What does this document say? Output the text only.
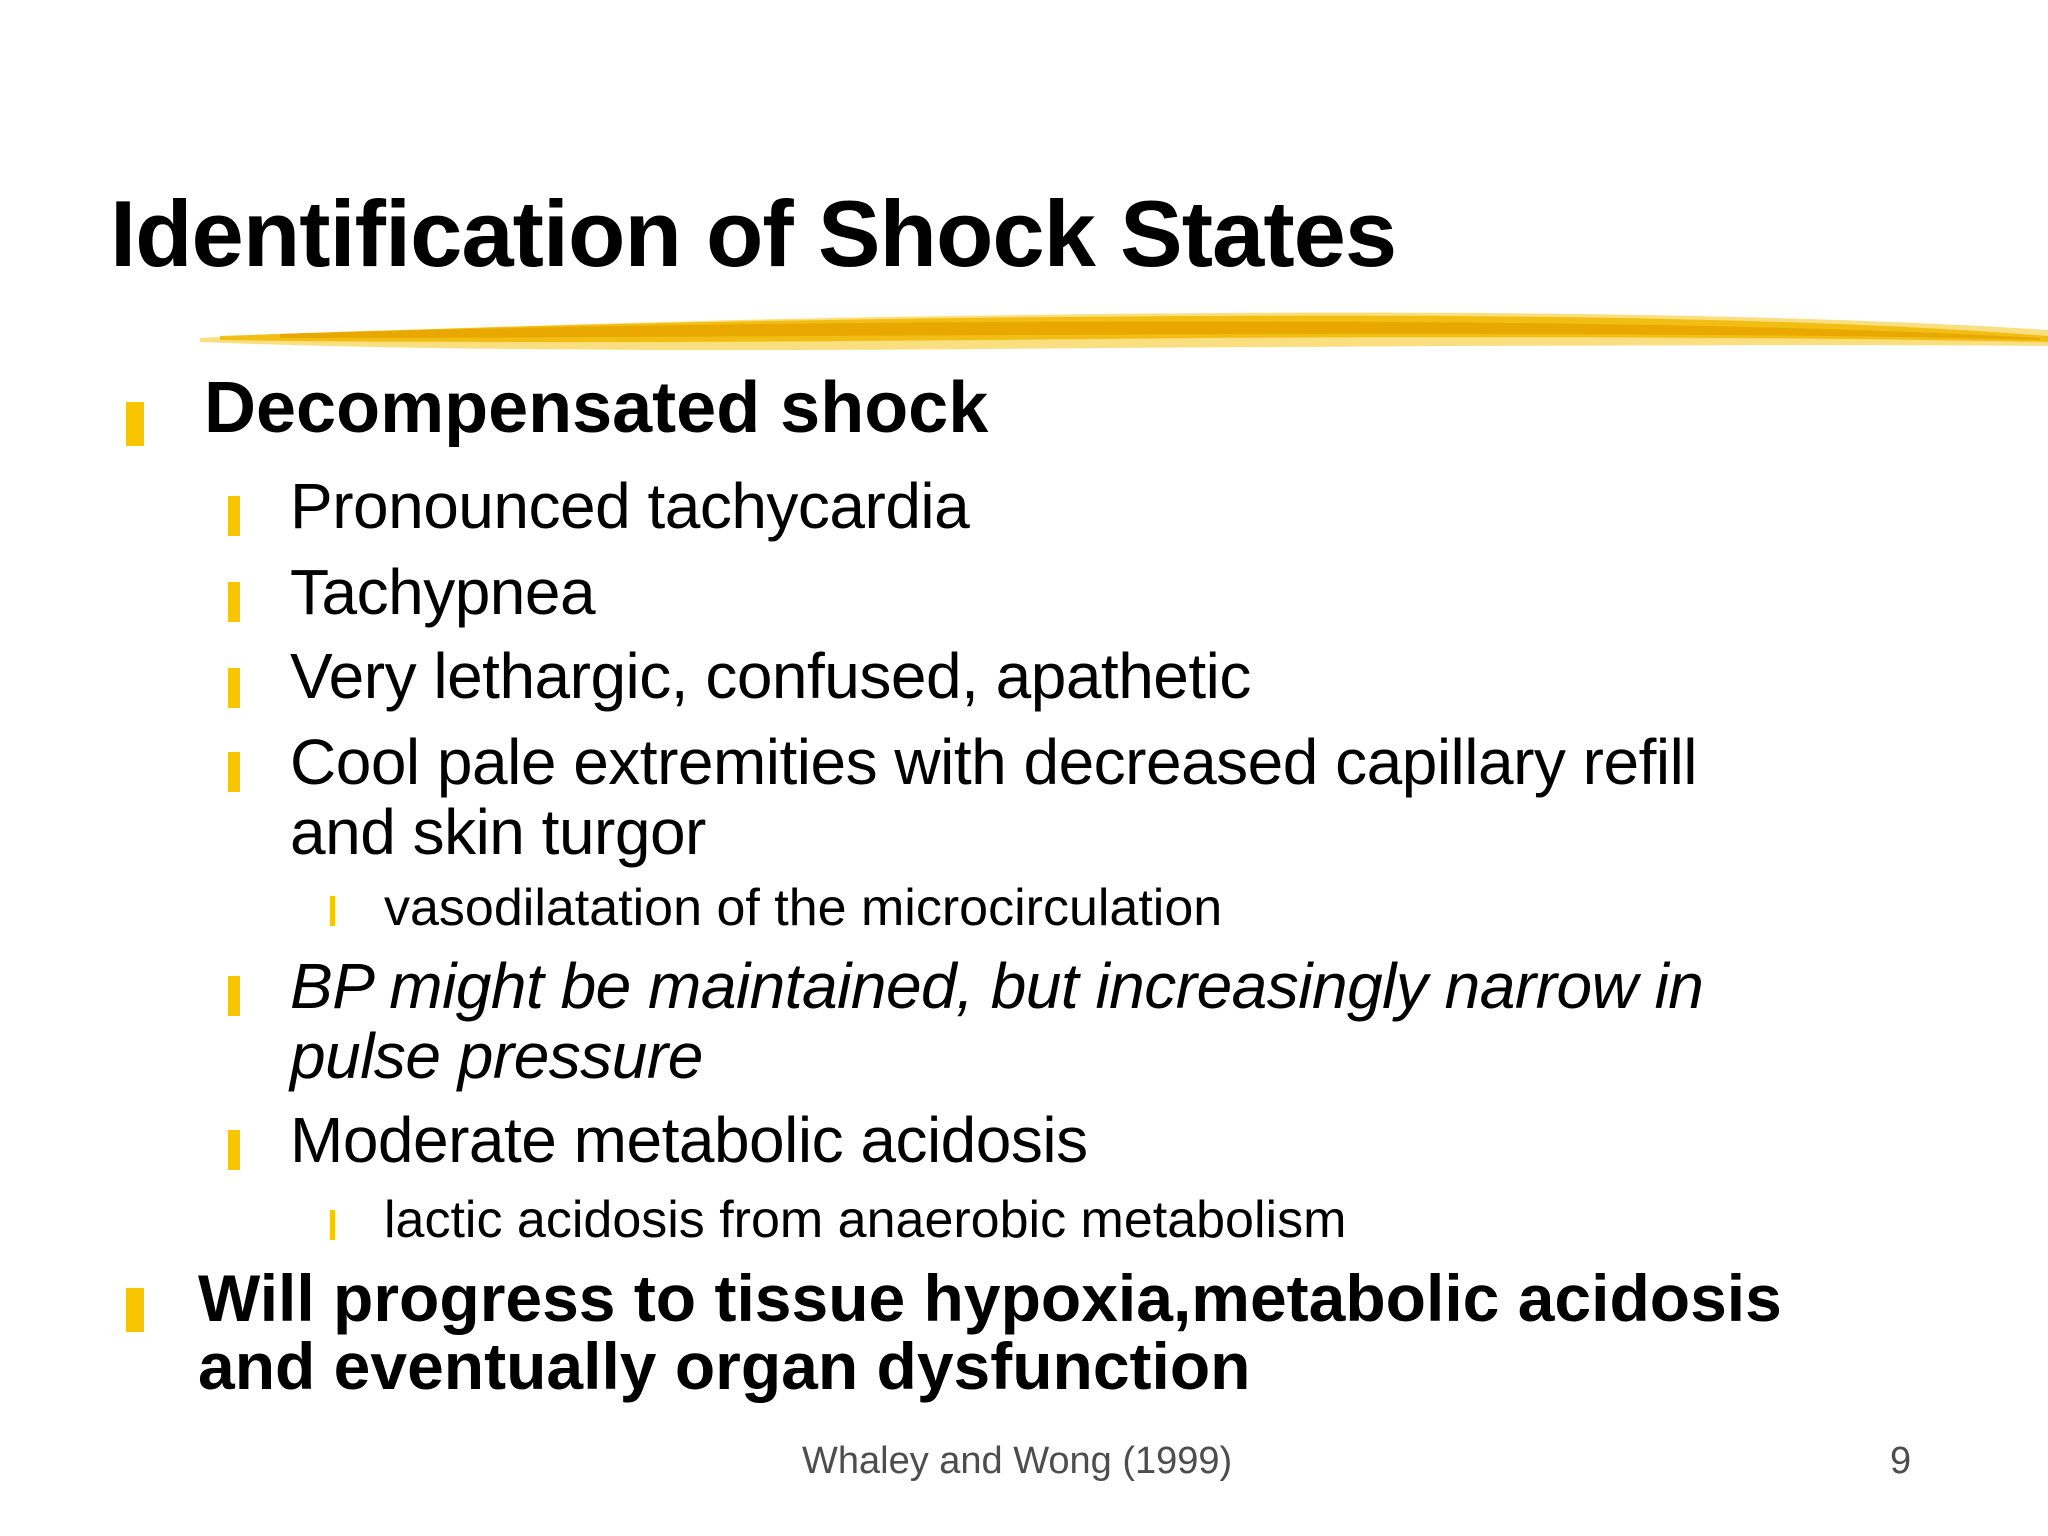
Identification of Shock States
Decompensated shock
Pronounced tachycardia
Tachypnea
Very lethargic, confused, apathetic
Cool pale extremities with decreased capillary refill
and skin turgor
vasodilatation of the microcirculation
BP might be maintained, but increasingly narrow in
pulse pressure
Moderate metabolic acidosis
lactic acidosis from anaerobic metabolism
Will progress to tissue hypoxia,metabolic acidosis
and eventually organ dysfunction
Whaley and Wong (1999)	9
